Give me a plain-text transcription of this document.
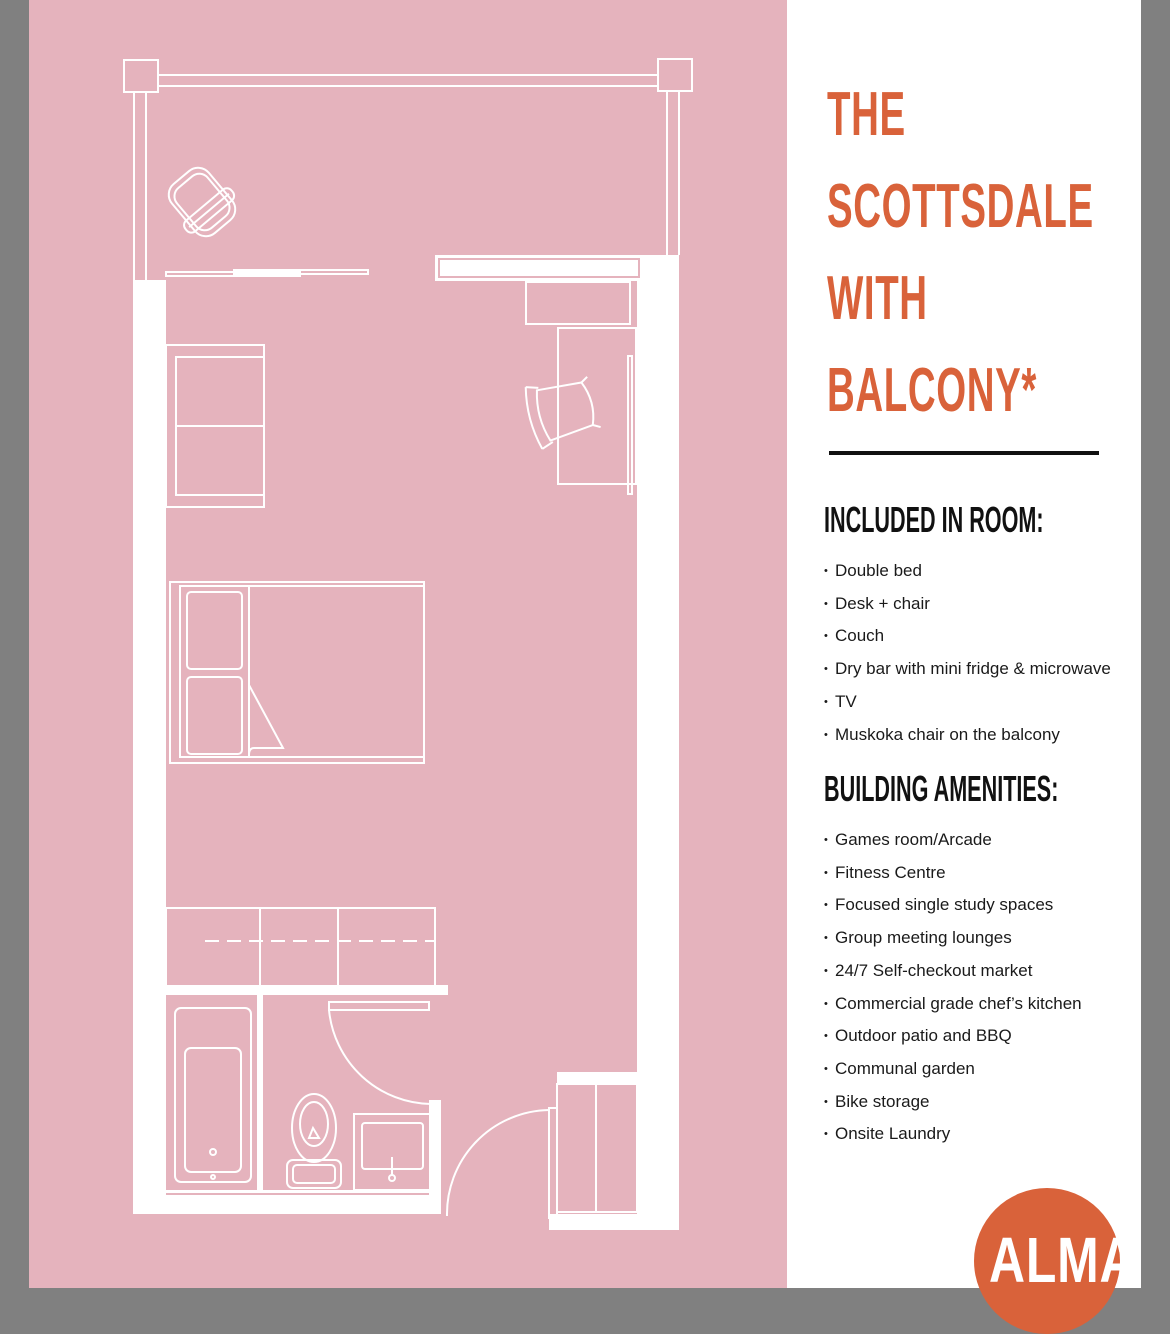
THE
SCOTTSDALE
WITH
BALCONY*
INCLUDED IN ROOM:
• Double bed
• Desk + chair
• Couch
• Dry bar with mini fridge & microwave
• TV
• Muskoka chair on the balcony
BUILDING AMENITIES:
• Games room/Arcade
• Fitness Centre
• Focused single study spaces
• Group meeting lounges
• 24/7 Self-checkout market
• Commercial grade chef’s kitchen
• Outdoor patio and BBQ
• Communal garden
• Bike storage
• Onsite Laundry
ALMA
